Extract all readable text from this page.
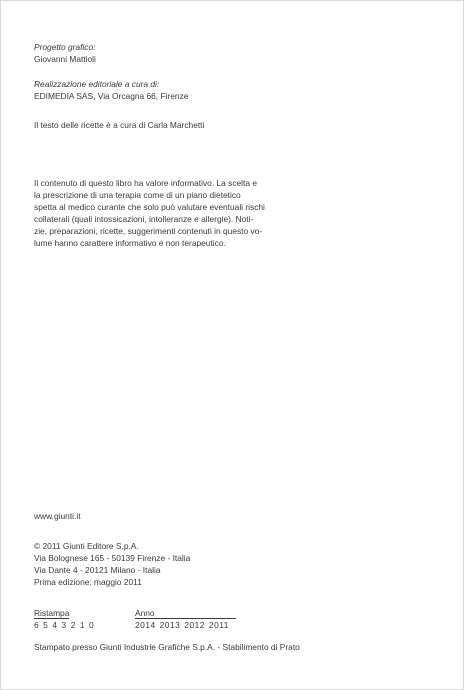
Progetto grafico:
Giovanni Mattioli
Realizzazione editoriale a cura di:
EDIMEDIA SAS, Via Orcagna 66, Firenze
Il testo delle ricette è a cura di Carla Marchetti
Il contenuto di questo libro ha valore informativo. La scelta e
la prescrizione di una terapia come di un piano dietetico
spetta al medico curante che solo può valutare eventuali rischi
collaterali (quali intossicazioni, intolleranze e allergie). Noti-
zie, preparazioni, ricette, suggerimenti contenuti in questo vo-
lume hanno carattere informativo e non terapeutico.
www.giunti.it
© 2011 Giunti Editore S.p.A.
Via Bolognese 165 - 50139 Firenze - Italia
Via Dante 4 - 20121 Milano - Italia
Prima edizione: maggio 2011
Ristampa	Anno
6 5 4 3 2 1 0	2014 2013 2012 2011
Stampato presso Giunti Industrie Grafiche S.p.A. - Stabilimento di Prato
